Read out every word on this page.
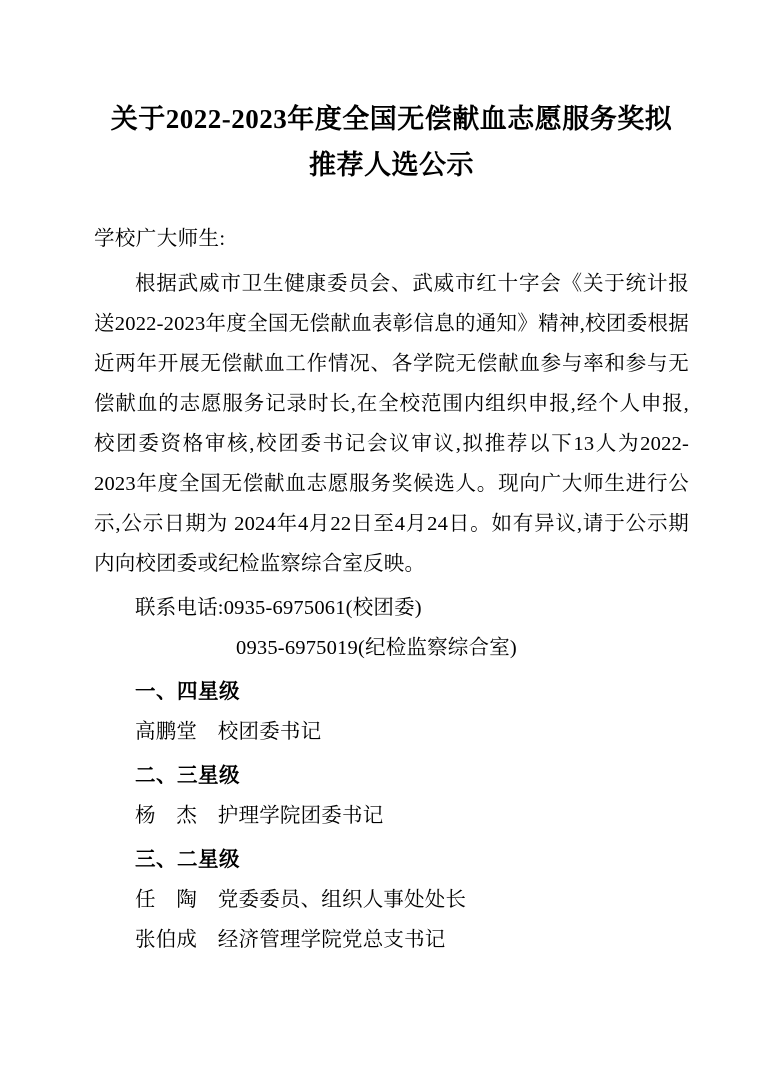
关于2022-2023年度全国无偿献血志愿服务奖拟推荐人选公示

学校广大师生:

根据武威市卫生健康委员会、武威市红十字会《关于统计报送2022-2023年度全国无偿献血表彰信息的通知》精神,校团委根据近两年开展无偿献血工作情况、各学院无偿献血参与率和参与无偿献血的志愿服务记录时长,在全校范围内组织申报,经个人申报,校团委资格审核,校团委书记会议审议,拟推荐以下13人为2022-2023年度全国无偿献血志愿服务奖候选人。现向广大师生进行公示,公示日期为 2024年4月22日至4月24日。如有异议,请于公示期内向校团委或纪检监察综合室反映。

联系电话:0935-6975061(校团委)

0935-6975019(纪检监察综合室)

一、四星级

高鹏堂　校团委书记

二、三星级

杨　杰　护理学院团委书记

三、二星级

任　陶　党委委员、组织人事处处长

张伯成　经济管理学院党总支书记
